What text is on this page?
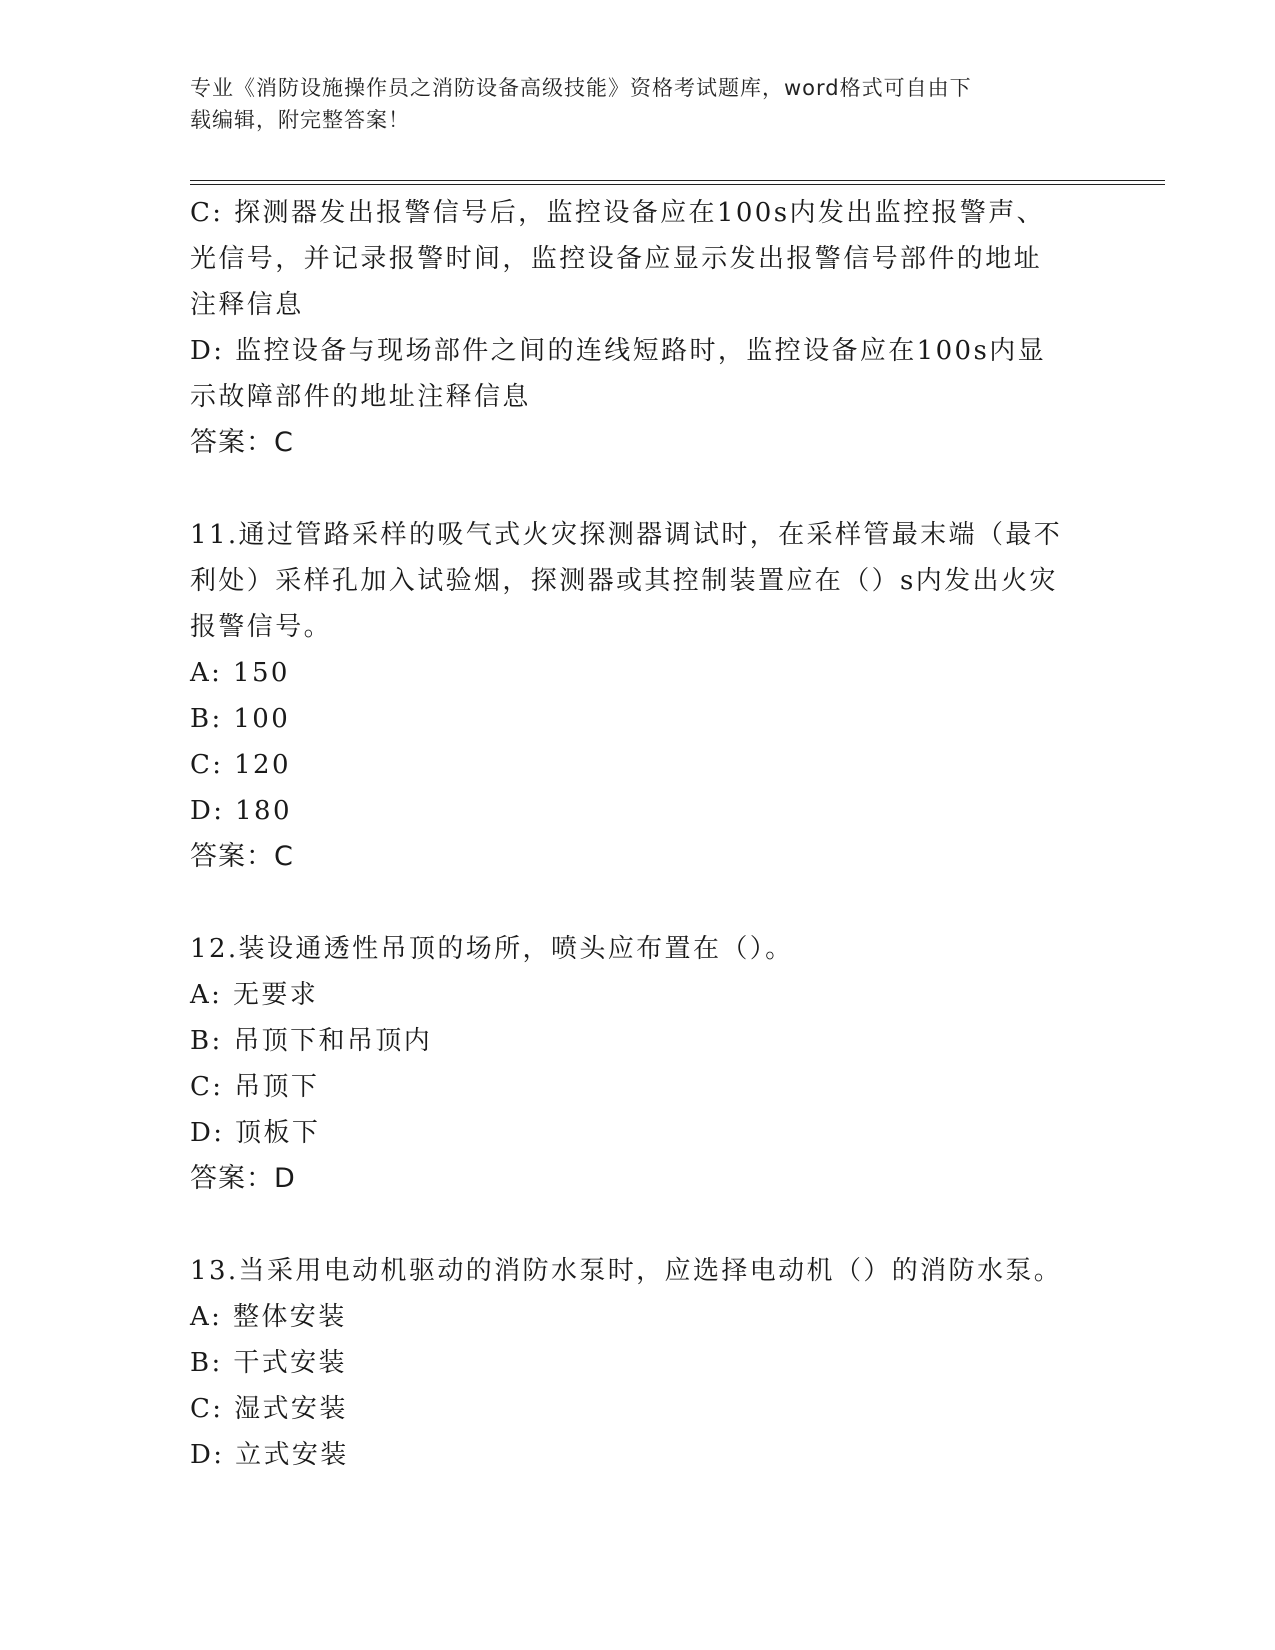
专业《消防设施操作员之消防设备高级技能》资格考试题库，word格式可自由下
载编辑，附完整答案！
C: 探测器发出报警信号后，监控设备应在100s内发出监控报警声、
光信号，并记录报警时间，监控设备应显示发出报警信号部件的地址
注释信息
D: 监控设备与现场部件之间的连线短路时，监控设备应在100s内显
示故障部件的地址注释信息
答案：C
11.通过管路采样的吸气式火灾探测器调试时，在采样管最末端（最不
利处）采样孔加入试验烟，探测器或其控制装置应在（）s内发出火灾
报警信号。
A: 150
B: 100
C: 120
D: 180
答案：C
12.装设通透性吊顶的场所，喷头应布置在（）。
A: 无要求
B: 吊顶下和吊顶内
C: 吊顶下
D: 顶板下
答案：D
13.当采用电动机驱动的消防水泵时，应选择电动机（）的消防水泵。
A: 整体安装
B: 干式安装
C: 湿式安装
D: 立式安装
